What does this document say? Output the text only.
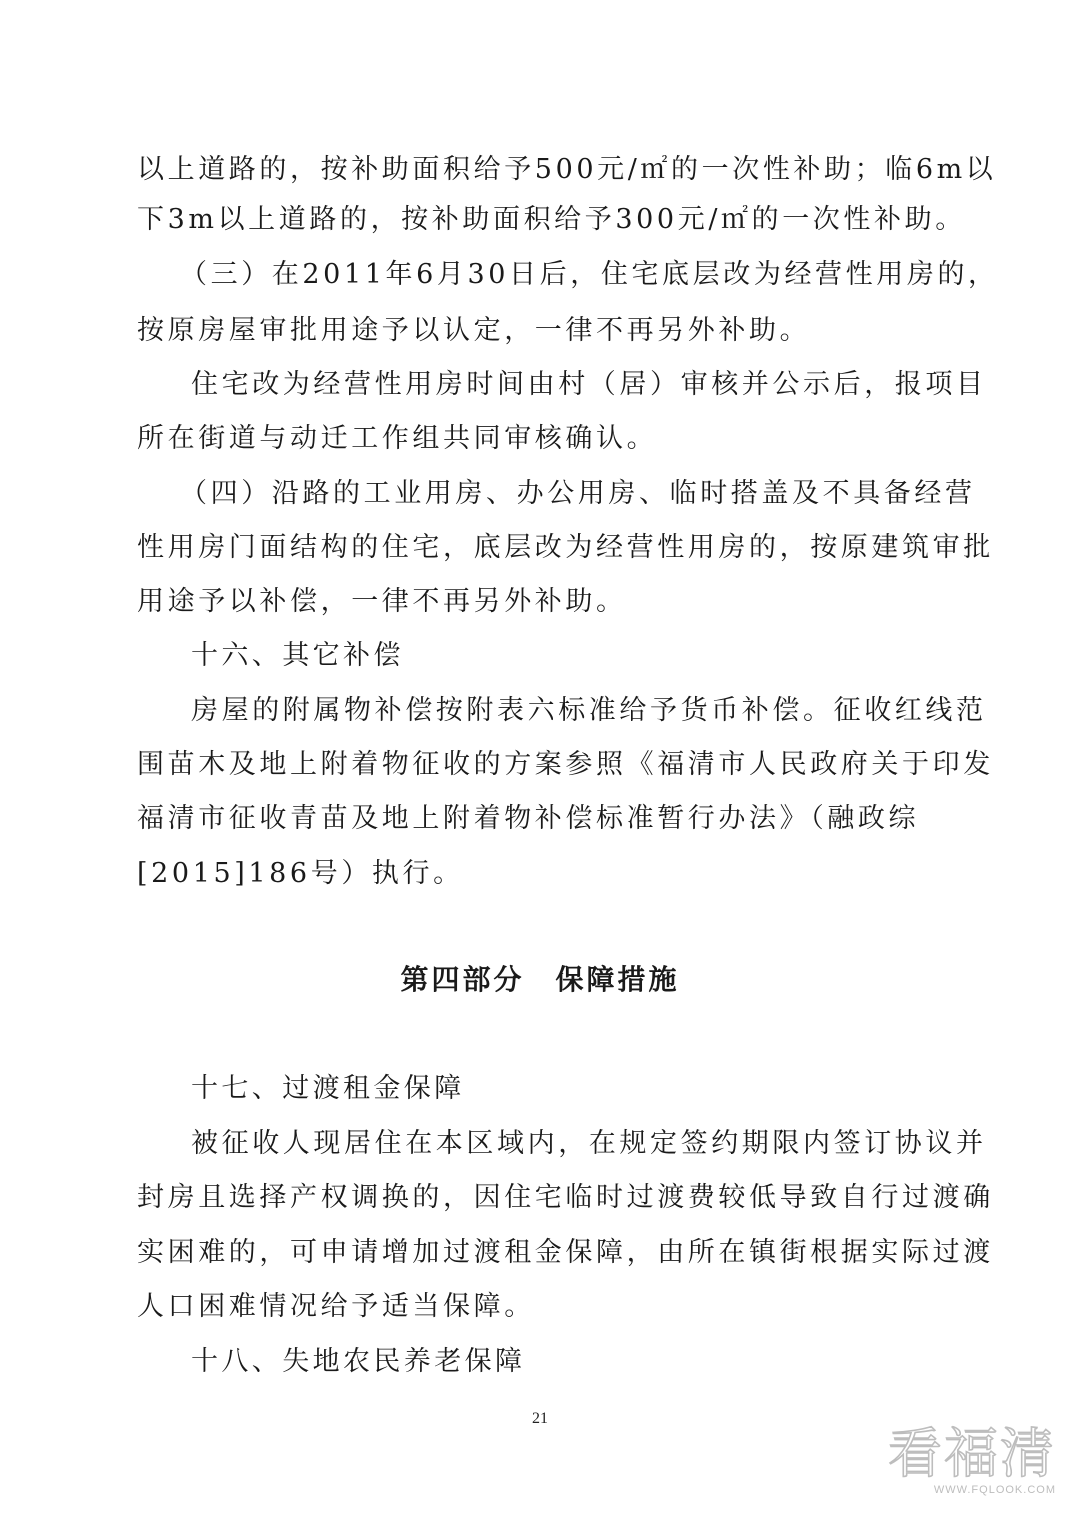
以上道路的，按补助面积给予500元/㎡的一次性补助；临6m以
下3m以上道路的，按补助面积给予300元/㎡的一次性补助。
（三）在2011年6月30日后，住宅底层改为经营性用房的，
按原房屋审批用途予以认定，一律不再另外补助。
住宅改为经营性用房时间由村（居）审核并公示后，报项目
所在街道与动迁工作组共同审核确认。
（四）沿路的工业用房、办公用房、临时搭盖及不具备经营
性用房门面结构的住宅，底层改为经营性用房的，按原建筑审批
用途予以补偿，一律不再另外补助。
十六、其它补偿
房屋的附属物补偿按附表六标准给予货币补偿。征收红线范
围苗木及地上附着物征收的方案参照《福清市人民政府关于印发
福清市征收青苗及地上附着物补偿标准暂行办法》（融政综
[2015]186号）执行。
第四部分　保障措施
十七、过渡租金保障
被征收人现居住在本区域内，在规定签约期限内签订协议并
封房且选择产权调换的，因住宅临时过渡费较低导致自行过渡确
实困难的，可申请增加过渡租金保障，由所在镇街根据实际过渡
人口困难情况给予适当保障。
十八、失地农民养老保障
21
看福清
WWW.FQLOOK.COM
